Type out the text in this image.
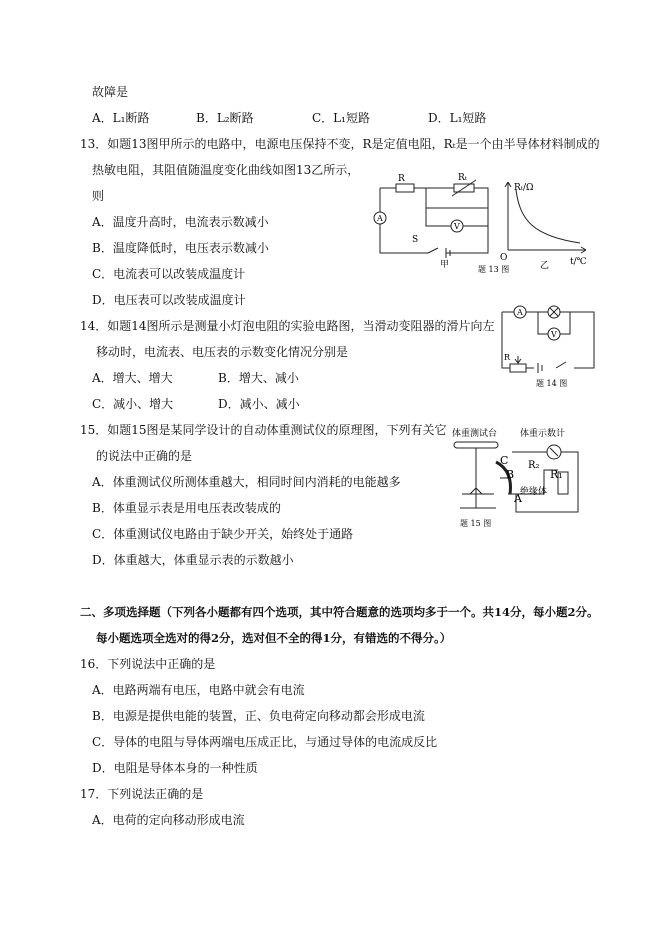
故障是
A．L₁断路	B．L₂断路	C．L₁短路	D．L₁短路
13．如题13图甲所示的电路中，电源电压保持不变，R是定值电阻，Rₜ是一个由半导体材料制成的
热敏电阻，其阻值随温度变化曲线如图13乙所示，
则
A．温度升高时，电流表示数减小
B．温度降低时，电压表示数减小
C．电流表可以改装成温度计
D．电压表可以改装成温度计
R	Rₜ
A
V
S
甲
Rₜ/Ω
O
乙 t/℃
题 13 图
14．如题14图所示是测量小灯泡电阻的实验电路图，当滑动变阻器的滑片向左
移动时，电流表、电压表的示数变化情况分别是
A．增大、增大	B．增大、减小
C．减小、增大	D．减小、减小
A
V
R
题 14 图
15．如题15图是某同学设计的自动体重测试仪的原理图，下列有关它
的说法中正确的是
A．体重测试仪所测体重越大，相同时间内消耗的电能越多
B．体重显示表是用电压表改装成的
C．体重测试仪电路由于缺少开关，始终处于通路
D．体重越大，体重显示表的示数越小
体重测试台	体重示数计
C
B
A
R₂
R₁
绝缘体
题 15 图
二、多项选择题（下列各小题都有四个选项，其中符合题意的选项均多于一个。共14分，每小题2分。
每小题选项全选对的得2分，选对但不全的得1分，有错选的不得分。）
16．下列说法中正确的是
A．电路两端有电压，电路中就会有电流
B．电源是提供电能的装置，正、负电荷定向移动都会形成电流
C．导体的电阻与导体两端电压成正比，与通过导体的电流成反比
D．电阻是导体本身的一种性质
17．下列说法正确的是
A．电荷的定向移动形成电流
